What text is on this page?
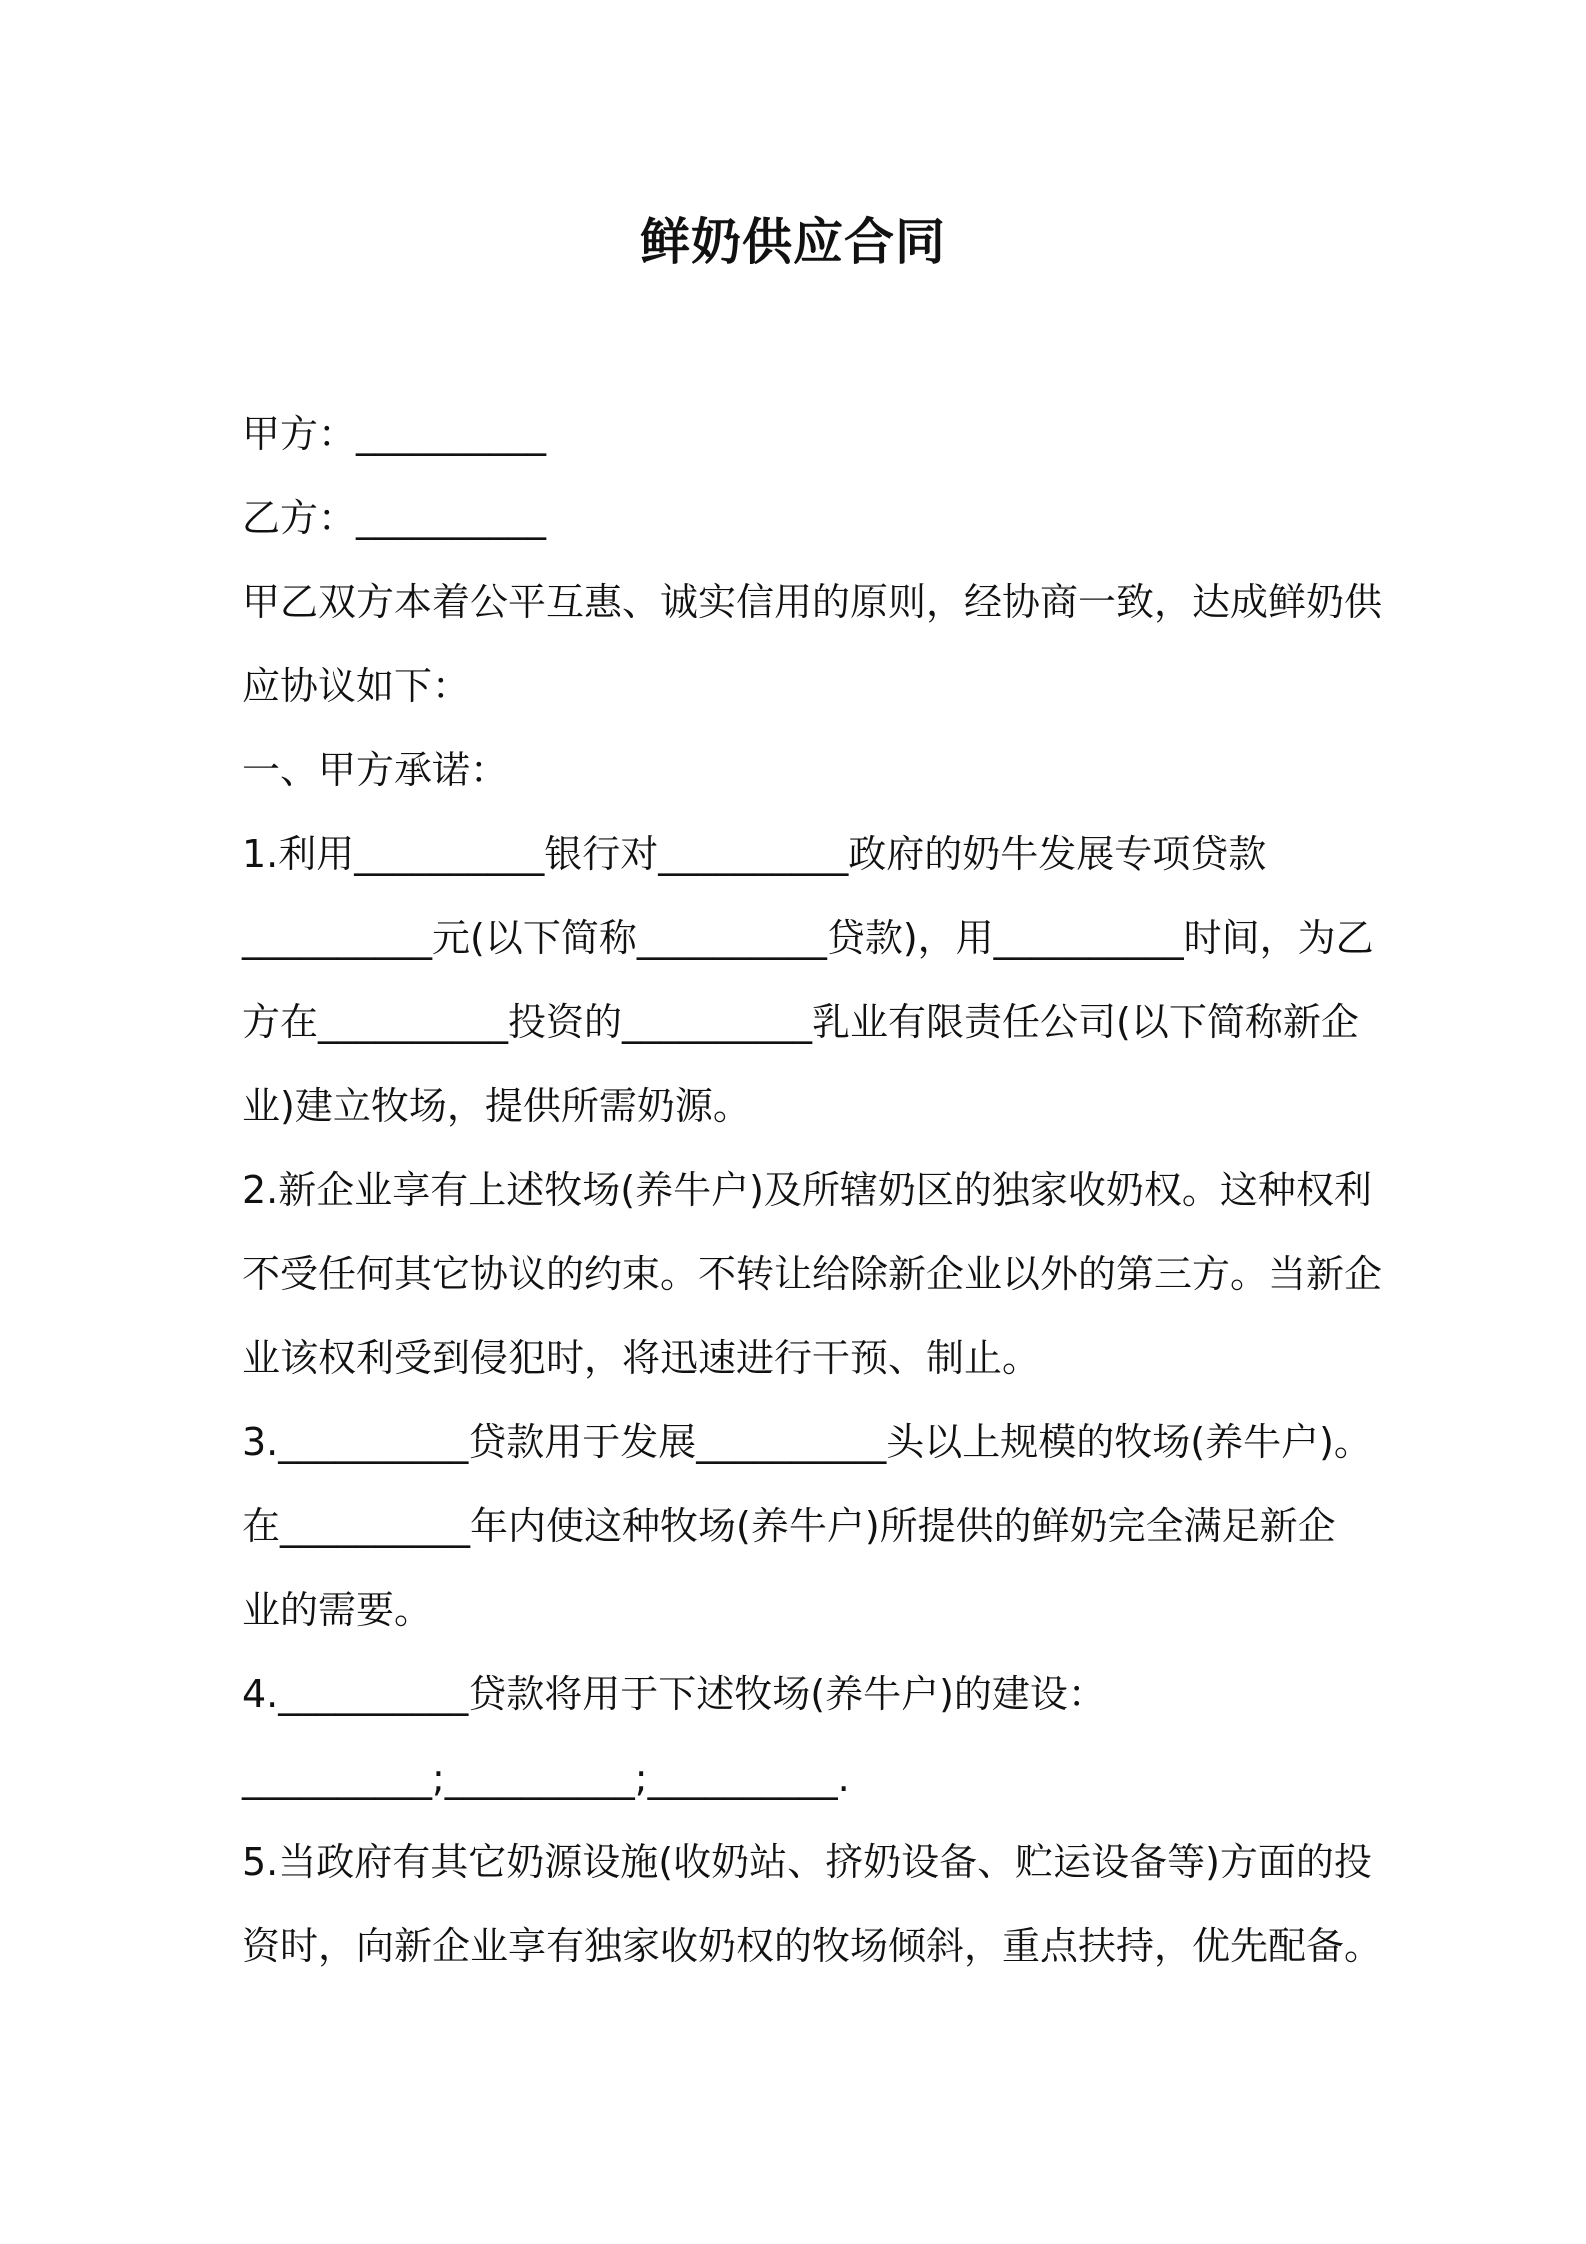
鲜奶供应合同
甲方：__________
乙方：__________
甲乙双方本着公平互惠、诚实信用的原则，经协商一致，达成鲜奶供
应协议如下：
一、甲方承诺：
1.利用__________银行对__________政府的奶牛发展专项贷款
__________元(以下简称__________贷款)，用__________时间，为乙
方在__________投资的__________乳业有限责任公司(以下简称新企
业)建立牧场，提供所需奶源。
2.新企业享有上述牧场(养牛户)及所辖奶区的独家收奶权。这种权利
不受任何其它协议的约束。不转让给除新企业以外的第三方。当新企
业该权利受到侵犯时，将迅速进行干预、制止。
3.__________贷款用于发展__________头以上规模的牧场(养牛户)。
在__________年内使这种牧场(养牛户)所提供的鲜奶完全满足新企
业的需要。
4.__________贷款将用于下述牧场(养牛户)的建设：
__________;__________;__________.
5.当政府有其它奶源设施(收奶站、挤奶设备、贮运设备等)方面的投
资时，向新企业享有独家收奶权的牧场倾斜，重点扶持，优先配备。
